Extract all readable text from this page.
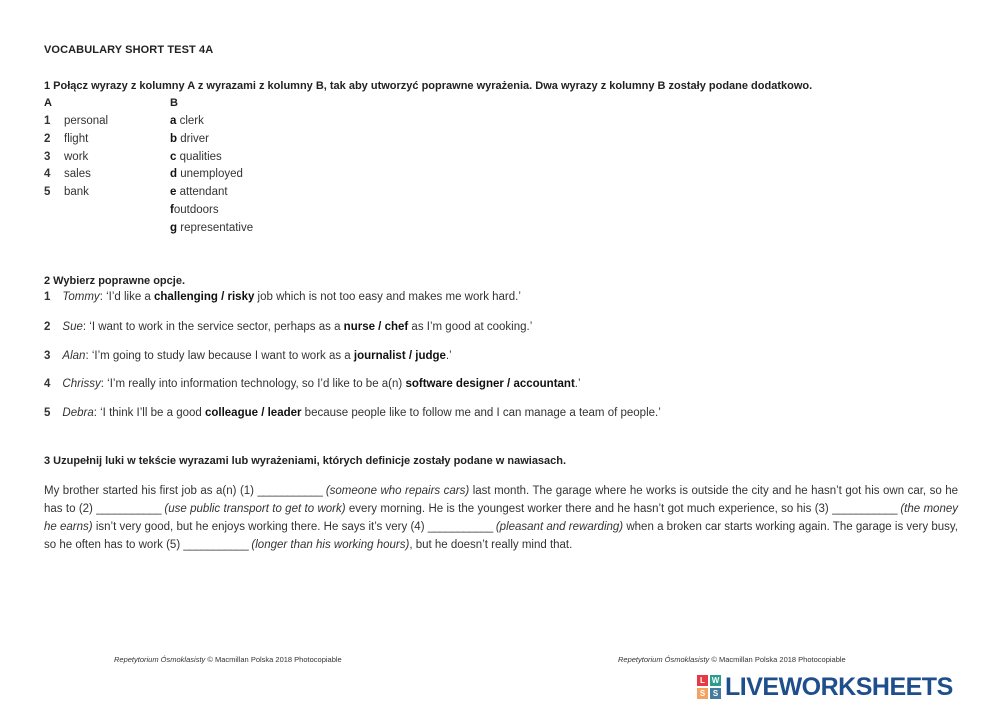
VOCABULARY SHORT TEST 4A
1 Połącz wyrazy z kolumny A z wyrazami z kolumny B, tak aby utworzyć poprawne wyrażenia. Dwa wyrazy z kolumny B zostały podane dodatkowo.
A	B
1 personal
2 flight
3 work
4 sales
5 bank
a clerk
b driver
c qualities
d unemployed
e attendant
foutdoors
g representative
2 Wybierz poprawne opcje.
1 Tommy: ‘I’d like a challenging / risky job which is not too easy and makes me work hard.’
2 Sue: ‘I want to work in the service sector, perhaps as a nurse / chef as I’m good at cooking.’
3 Alan: ‘I’m going to study law because I want to work as a journalist / judge.’
4 Chrissy: ‘I’m really into information technology, so I’d like to be a(n) software designer / accountant.’
5 Debra: ‘I think I’ll be a good colleague / leader because people like to follow me and I can manage a team of people.’
3 Uzupełnij luki w tekście wyrazami lub wyrażeniami, których definicje zostały podane w nawiasach.
My brother started his first job as a(n) (1) ___________ (someone who repairs cars) last month. The garage where he works is outside the city and he hasn’t got his own car, so he has to (2) ___________ (use public transport to get to work) every morning. He is the youngest worker there and he hasn’t got much experience, so his (3) ___________ (the money he earns) isn’t very good, but he enjoys working there. He says it’s very (4) ___________ (pleasant and rewarding) when a broken car starts working again. The garage is very busy, so he often has to work (5) ___________ (longer than his working hours), but he doesn’t really mind that.
Repetytorium Ósmoklasisty © Macmillan Polska 2018 Photocopiable	Repetytorium Ósmoklasisty © Macmillan Polska 2018 Photocopiable
L W
S S LIVEWORKSHEETS
